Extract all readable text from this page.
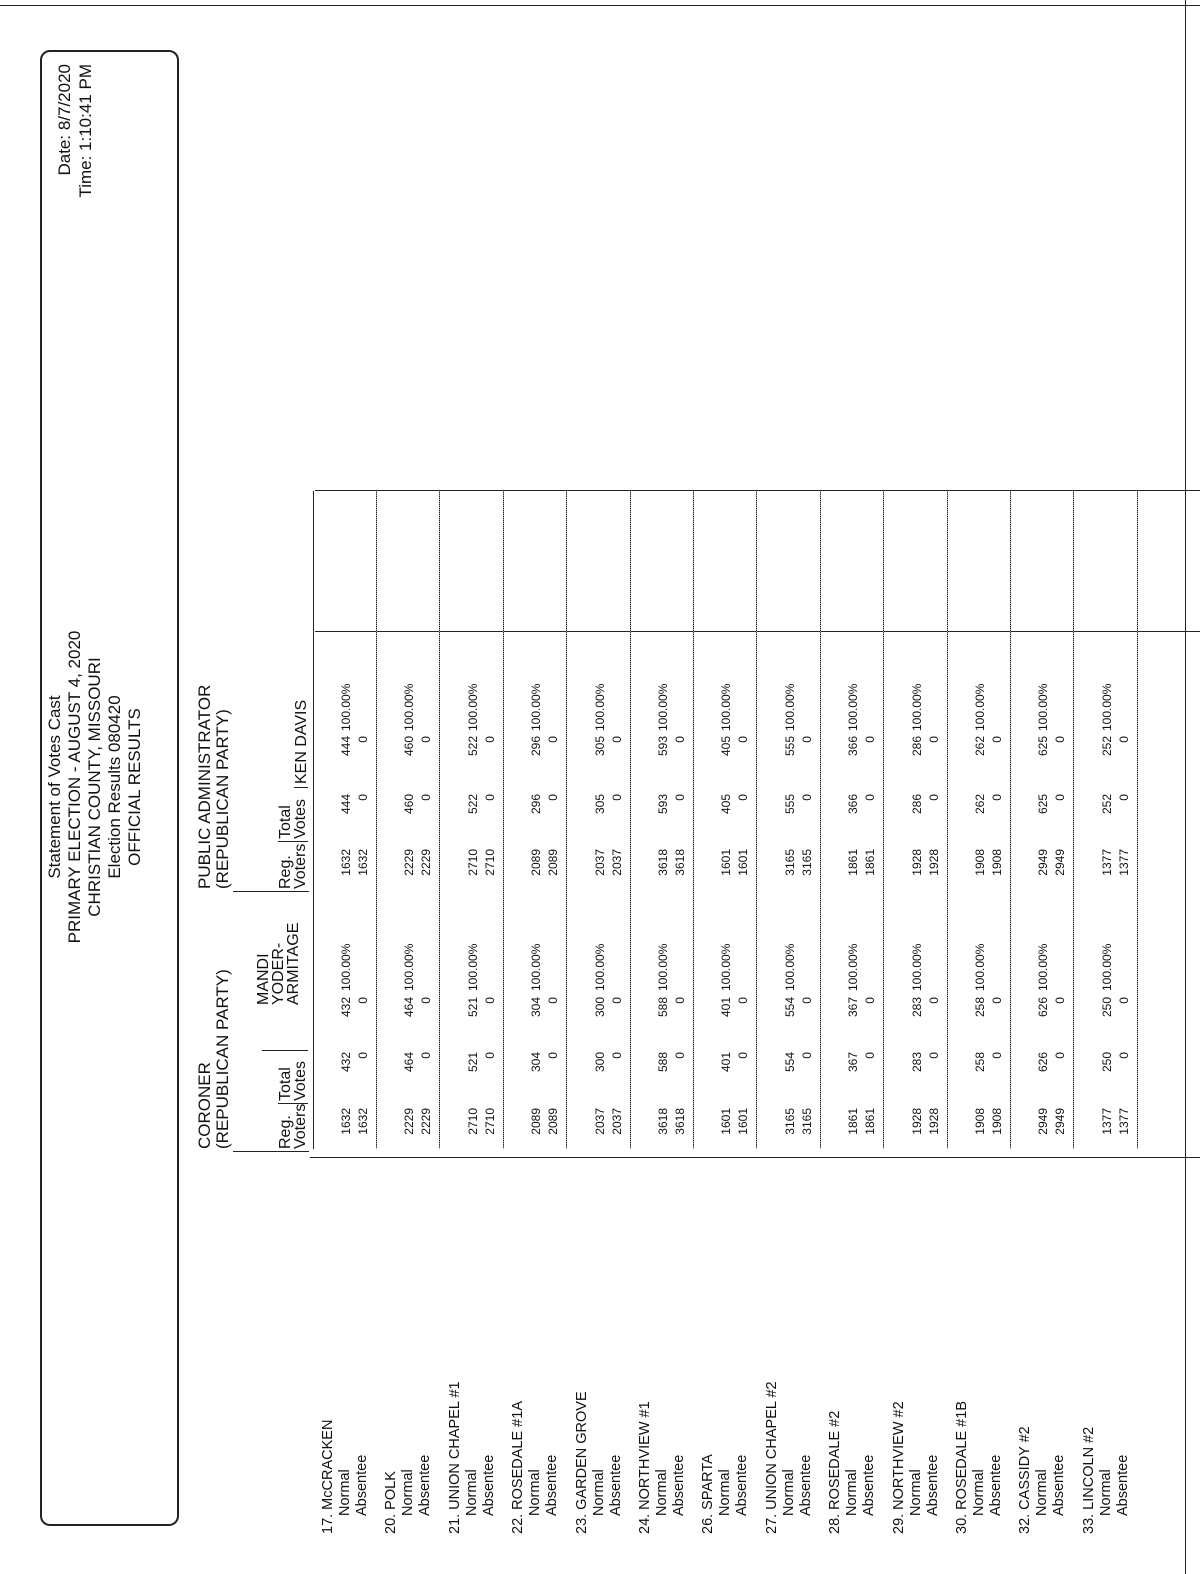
Statement of Votes Cast PRIMARY ELECTION - AUGUST 4, 2020 CHRISTIAN COUNTY, MISSOURI Election Results 080420 OFFICIAL RESULTS
Date: 8/7/2020 Time: 1:10:41 PM
CORONER (REPUBLICAN PARTY)
PUBLIC ADMINISTRATOR (REPUBLICAN PARTY)
Reg.
Voters
Total
Votes
MANDI
YODER-
ARMITAGE
Reg.
Voters
Total
Votes
KEN DAVIS
17. McCRACKEN Normal Absentee
1632
432
432
1632
444
444
100.00%
100.00%
1632
0
0
1632
0
0
20. POLK Normal Absentee
2229
464
464
2229
460
460
100.00%
100.00%
2229
0
0
2229
0
0
21. UNION CHAPEL #1 Normal Absentee
2710
521
521
2710
522
522
100.00%
100.00%
2710
0
0
2710
0
0
22. ROSEDALE #1A Normal Absentee
2089
304
304
2089
296
296
100.00%
100.00%
2089
0
0
2089
0
0
23. GARDEN GROVE Normal Absentee
2037
300
300
2037
305
305
100.00%
100.00%
2037
0
0
2037
0
0
24. NORTHVIEW #1 Normal Absentee
3618
588
588
3618
593
593
100.00%
100.00%
3618
0
0
3618
0
0
26. SPARTA Normal Absentee
1601
401
401
1601
405
405
100.00%
100.00%
1601
0
0
1601
0
0
27. UNION CHAPEL #2 Normal Absentee
3165
554
554
3165
555
555
100.00%
100.00%
3165
0
0
3165
0
0
28. ROSEDALE #2 Normal Absentee
1861
367
367
1861
366
366
100.00%
100.00%
1861
0
0
1861
0
0
29. NORTHVIEW #2 Normal Absentee
1928
283
283
1928
286
286
100.00%
100.00%
1928
0
0
1928
0
0
30. ROSEDALE #1B Normal Absentee
1908
258
258
1908
262
262
100.00%
100.00%
1908
0
0
1908
0
0
32. CASSIDY #2 Normal Absentee
2949
626
626
2949
625
625
100.00%
100.00%
2949
0
0
2949
0
0
33. LINCOLN #2 Normal Absentee
1377
250
250
1377
252
252
100.00%
100.00%
1377
0
0
1377
0
0
